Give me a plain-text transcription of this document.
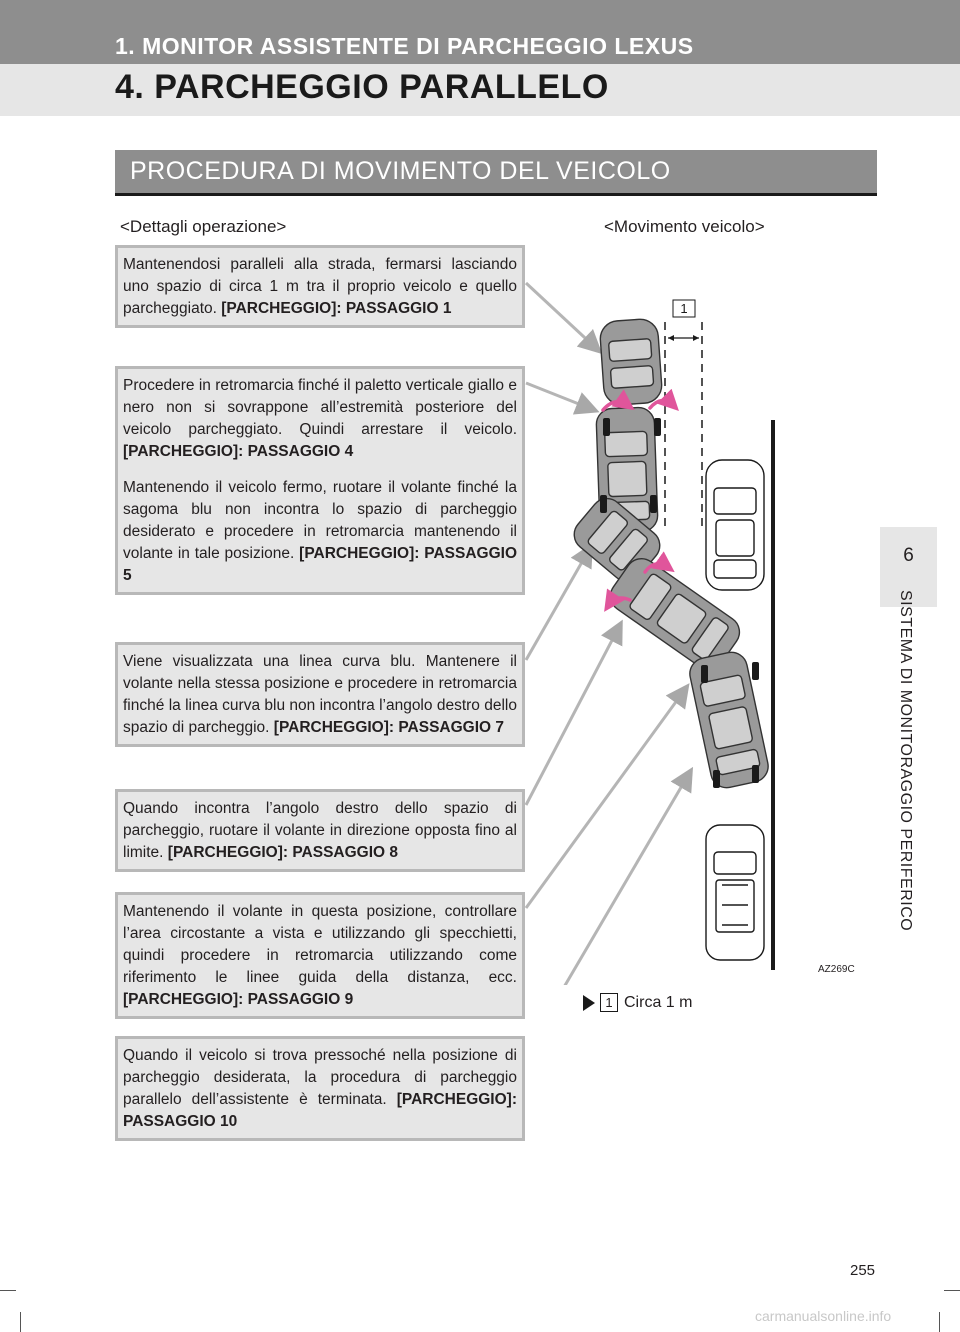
1. MONITOR ASSISTENTE DI PARCHEGGIO LEXUS
4. PARCHEGGIO PARALLELO
6
SISTEMA DI MONITORAGGIO PERIFERICO
PROCEDURA DI MOVIMENTO DEL VEICOLO
<Dettagli operazione>	<Movimento veicolo>

Mantenendosi paralleli alla strada, fermarsi lasciando uno spazio di circa 1 m tra il proprio veicolo e quello parcheggiato. [PARCHEGGIO]: PASSAGGIO 1

Procedere in retromarcia finché il paletto verticale giallo e nero non si sovrappone all’estremità posteriore del veicolo parcheggiato. Quindi arrestare il veicolo. [PARCHEGGIO]: PASSAGGIO 4

Mantenendo il veicolo fermo, ruotare il volante finché la sagoma blu non incontra lo spazio di parcheggio desiderato e procedere in retromarcia mantenendo il volante in tale posizione. [PARCHEGGIO]: PASSAGGIO 5

Viene visualizzata una linea curva blu. Mantenere il volante nella stessa posizione e procedere in retromarcia finché la linea curva blu non incontra l’angolo destro dello spazio di parcheggio. [PARCHEGGIO]: PASSAGGIO 7

Quando incontra l’angolo destro dello spazio di parcheggio, ruotare il volante in direzione opposta fino al limite. [PARCHEGGIO]: PASSAGGIO 8

Mantenendo il volante in questa posizione, controllare l’area circostante a vista e utilizzando gli specchietti, quindi procedere in retromarcia utilizzando come riferimento le linee guida della distanza, ecc. [PARCHEGGIO]: PASSAGGIO 9

Quando il veicolo si trova pressoché nella posizione di parcheggio desiderata, la procedura di parcheggio parallelo dell’assistente è terminata. [PARCHEGGIO]: PASSAGGIO 10

1
AZ269C
1 Circa 1 m
255
carmanualsonline.info
